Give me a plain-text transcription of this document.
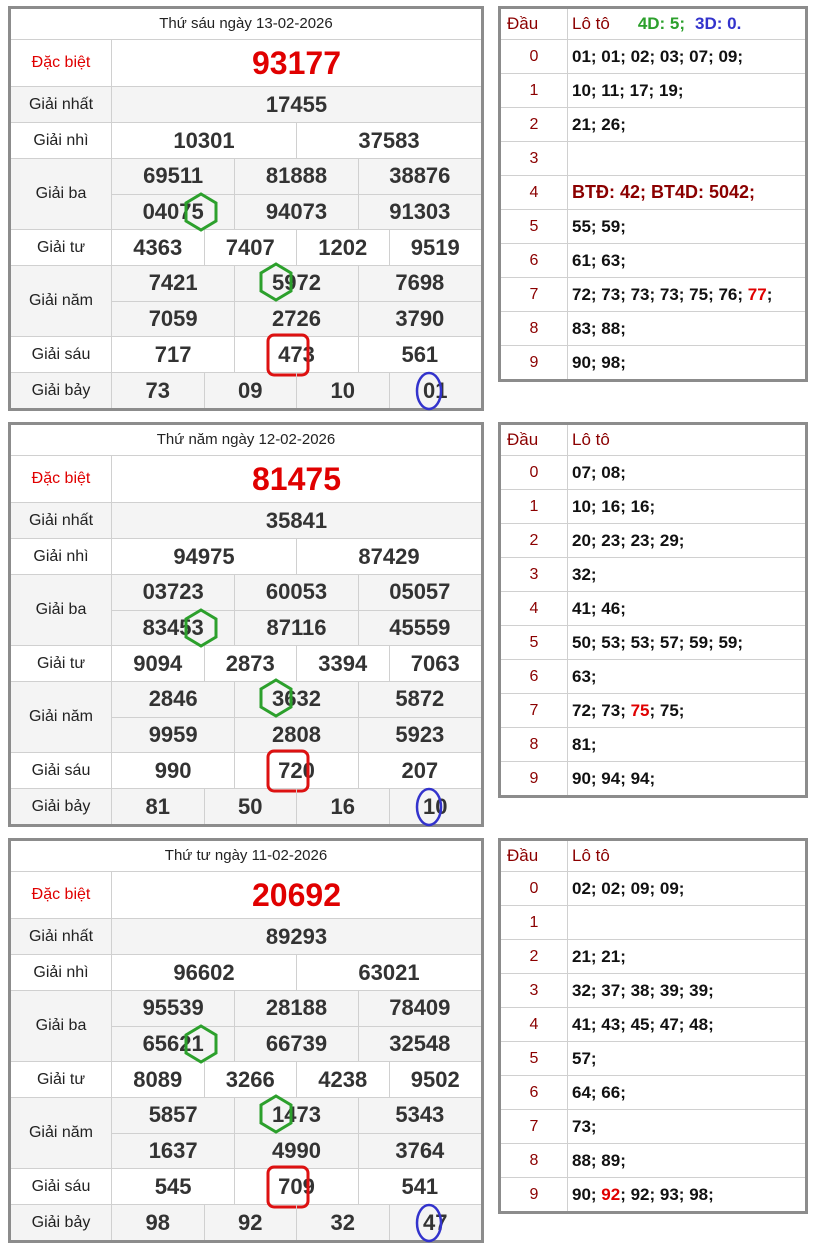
Thứ sáu ngày 13-02-2026
Đặc biệt	93177
Giải nhất	17455
Giải nhì	10301	37583
Giải ba
69511	81888	38876
04075	94073	91303
Giải tư	4363 7407 1202 9519
Giải năm
7421	5972	7698
7059	2726	3790
Giải sáu	717	473	561
Giải bảy	73	09	10	01
Đầu	Lô tô 4D: 5; 3D: 0.
0	01; 01; 02; 03; 07; 09;
1	10; 11; 17; 19;
2	21; 26;
3
4	BTĐ: 42; BT4D: 5042;
5	55; 59;
6	61; 63;
7	72; 73; 73; 73; 75; 76; 77 ;
8	83; 88;
9	90; 98;
Thứ năm ngày 12-02-2026
Đặc biệt	81475
Giải nhất	35841
Giải nhì	94975	87429
Giải ba
03723	60053	05057
83453	87116	45559
Giải tư	9094 2873 3394 7063
Giải năm
2846	3632	5872
9959	2808	5923
Giải sáu	990	720	207
Giải bảy	81	50	16	10
Đầu	Lô tô
0	07; 08;
1	10; 16; 16;
2	20; 23; 23; 29;
3	32;
4	41; 46;
5	50; 53; 53; 57; 59; 59;
6	63;
7	72; 73; 75 ; 75;
8	81;
9	90; 94; 94;
Thứ tư ngày 11-02-2026
Đặc biệt	20692
Giải nhất	89293
Giải nhì	96602	63021
Giải ba
95539	28188	78409
65621	66739	32548
Giải tư	8089 3266 4238 9502
Giải năm
5857	1473	5343
1637	4990	3764
Giải sáu	545	709	541
Giải bảy	98	92	32	47
Đầu	Lô tô
0	02; 02; 09; 09;
1
2	21; 21;
3	32; 37; 38; 39; 39;
4	41; 43; 45; 47; 48;
5	57;
6	64; 66;
7	73;
8	88; 89;
9	90; 92 ; 92; 93; 98;
